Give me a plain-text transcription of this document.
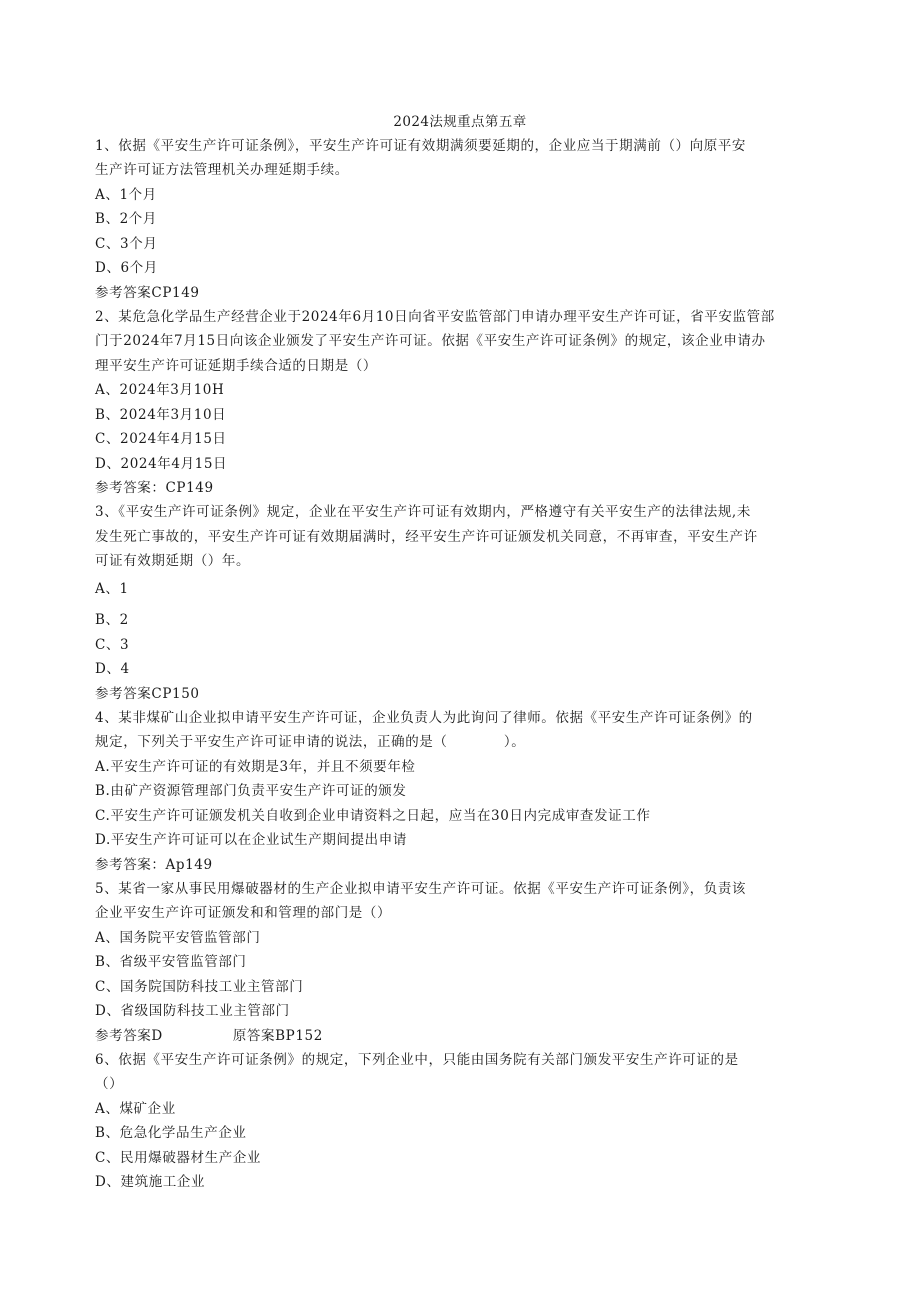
2024法规重点第五章
1、依据《平安生产许可证条例》，平安生产许可证有效期满须要延期的，企业应当于期满前（）向原平安
生产许可证方法管理机关办理延期手续。
A、1个月
B、2个月
C、3个月
D、6个月
参考答案CP149
2、某危急化学品生产经营企业于2024年6月10日向省平安监管部门申请办理平安生产许可证，省平安监管部
门于2024年7月15日向该企业颁发了平安生产许可证。依据《平安生产许可证条例》的规定，该企业申请办
理平安生产许可证延期手续合适的日期是（）
A、2024年3月10H
B、2024年3月10日
C、2024年4月15日
D、2024年4月15日
参考答案：CP149
3、《平安生产许可证条例》规定，企业在平安生产许可证有效期内，严格遵守有关平安生产的法律法规,未
发生死亡事故的，平安生产许可证有效期届满时，经平安生产许可证颁发机关同意，不再审查，平安生产许
可证有效期延期（）年。
A、1
B、2
C、3
D、4
参考答案CP150
4、某非煤矿山企业拟申请平安生产许可证，企业负责人为此询问了律师。依据《平安生产许可证条例》的
规定，下列关于平安生产许可证申请的说法，正确的是（　　　　）。
A.平安生产许可证的有效期是3年，并且不须要年检
B.由矿产资源管理部门负责平安生产许可证的颁发
C.平安生产许可证颁发机关自收到企业申请资料之日起，应当在30日内完成审查发证工作
D.平安生产许可证可以在企业试生产期间提出申请
参考答案：Ap149
5、某省一家从事民用爆破器材的生产企业拟申请平安生产许可证。依据《平安生产许可证条例》，负责该
企业平安生产许可证颁发和和管理的部门是（）
A、国务院平安管监管部门
B、省级平安管监管部门
C、国务院国防科技工业主管部门
D、省级国防科技工业主管部门
参考答案D	原答案BP152
6、依据《平安生产许可证条例》的规定，下列企业中，只能由国务院有关部门颁发平安生产许可证的是
（）
A、煤矿企业
B、危急化学品生产企业
C、民用爆破器材生产企业
D、建筑施工企业
